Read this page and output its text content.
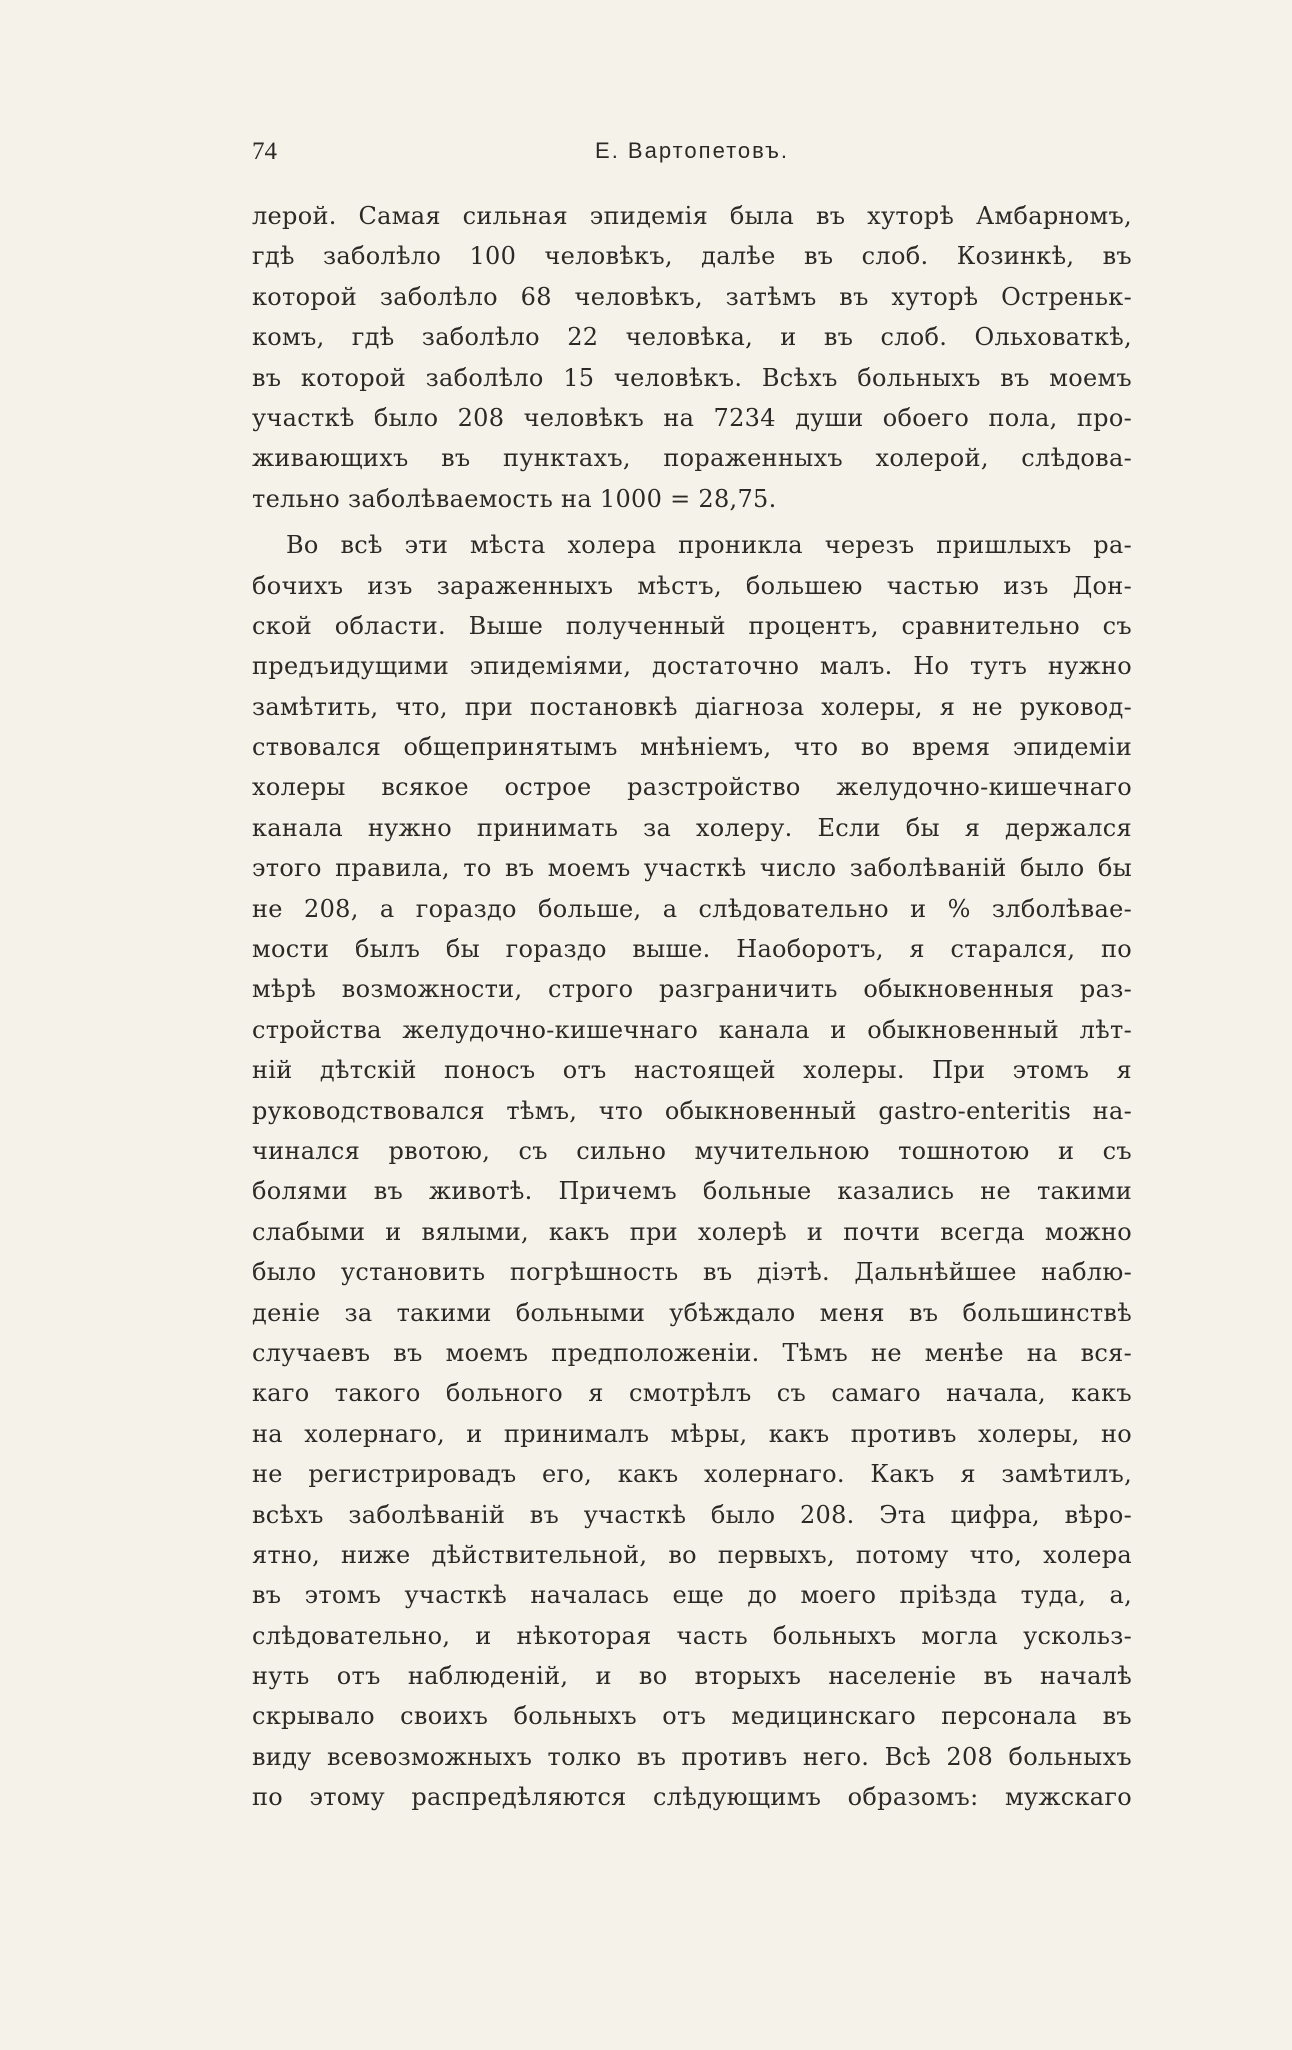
74	Е. Вартопетовъ.
лерой. Самая сильная эпидемія была въ хуторѣ Амбарномъ,
гдѣ заболѣло 100 человѣкъ, далѣе въ слоб. Козинкѣ, въ
которой заболѣло 68 человѣкъ, затѣмъ въ хуторѣ Остреньк-
комъ, гдѣ заболѣло 22 человѣка, и въ слоб. Ольховаткѣ,
въ которой заболѣло 15 человѣкъ. Всѣхъ больныхъ въ моемъ
участкѣ было 208 человѣкъ на 7234 души обоего пола, про-
живающихъ въ пунктахъ, пораженныхъ холерой, слѣдова-
тельно заболѣваемость на 1000 = 28,75.
Во всѣ эти мѣста холера проникла черезъ пришлыхъ ра-
бочихъ изъ зараженныхъ мѣстъ, большею частью изъ Дон-
ской области. Выше полученный процентъ, сравнительно съ
предъидущими эпидеміями, достаточно малъ. Но тутъ нужно
замѣтить, что, при постановкѣ діагноза холеры, я не руковод-
ствовался общепринятымъ мнѣніемъ, что во время эпидеміи
холеры всякое острое разстройство желудочно-кишечнаго
канала нужно принимать за холеру. Если бы я держался
этого правила, то въ моемъ участкѣ число заболѣваній было бы
не 208, а гораздо больше, а слѣдовательно и % злболѣвае-
мости былъ бы гораздо выше. Наоборотъ, я старался, по
мѣрѣ возможности, строго разграничить обыкновенныя раз-
стройства желудочно-кишечнаго канала и обыкновенный лѣт-
ній дѣтскій поносъ отъ настоящей холеры. При этомъ я
руководствовался тѣмъ, что обыкновенный gastro-enteritis на-
чинался рвотою, съ сильно мучительною тошнотою и съ
болями въ животѣ. Причемъ больные казались не такими
слабыми и вялыми, какъ при холерѣ и почти всегда можно
было установить погрѣшность въ діэтѣ. Дальнѣйшее наблю-
деніе за такими больными убѣждало меня въ большинствѣ
случаевъ въ моемъ предположеніи. Тѣмъ не менѣе на вся-
каго такого больного я смотрѣлъ съ самаго начала, какъ
на холернаго, и принималъ мѣры, какъ противъ холеры, но
не регистрировадъ его, какъ холернаго. Какъ я замѣтилъ,
всѣхъ заболѣваній въ участкѣ было 208. Эта цифра, вѣро-
ятно, ниже дѣйствительной, во первыхъ, потому что, холера
въ этомъ участкѣ началась еще до моего пріѣзда туда, а,
слѣдовательно, и нѣкоторая часть больныхъ могла ускольз-
нуть отъ наблюденій, и во вторыхъ населеніе въ началѣ
скрывало своихъ больныхъ отъ медицинскаго персонала въ
виду всевозможныхъ толко въ противъ него. Всѣ 208 больныхъ
по этому распредѣляются слѣдующимъ образомъ: мужскаго
